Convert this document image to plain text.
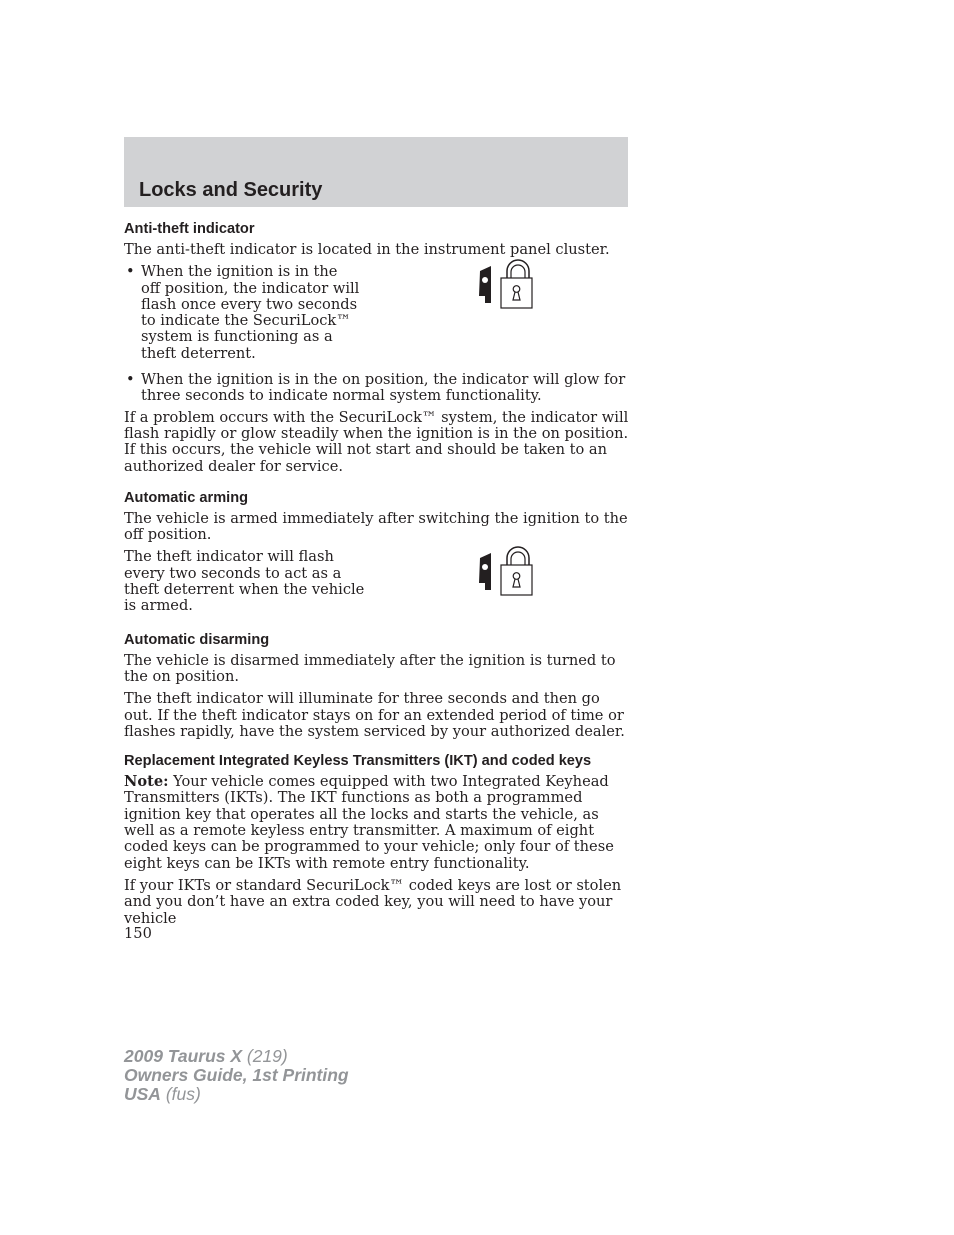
Locks and Security
Anti-theft indicator

The anti-theft indicator is located in the instrument panel cluster.

• When the ignition is in the off position, the indicator will flash once every two seconds to indicate the SecuriLock™ system is functioning as a theft deterrent.
• When the ignition is in the on position, the indicator will glow for three seconds to indicate normal system functionality.

If a problem occurs with the SecuriLock™ system, the indicator will flash rapidly or glow steadily when the ignition is in the on position. If this occurs, the vehicle will not start and should be taken to an authorized dealer for service.

Automatic arming

The vehicle is armed immediately after switching the ignition to the off position.

The theft indicator will flash every two seconds to act as a theft deterrent when the vehicle is armed.

Automatic disarming

The vehicle is disarmed immediately after the ignition is turned to the on position.

The theft indicator will illuminate for three seconds and then go out. If the theft indicator stays on for an extended period of time or flashes rapidly, have the system serviced by your authorized dealer.

Replacement Integrated Keyless Transmitters (IKT) and coded keys

Note: Your vehicle comes equipped with two Integrated Keyhead Transmitters (IKTs). The IKT functions as both a programmed ignition key that operates all the locks and starts the vehicle, as well as a remote keyless entry transmitter. A maximum of eight coded keys can be programmed to your vehicle; only four of these eight keys can be IKTs with remote entry functionality.

If your IKTs or standard SecuriLock™ coded keys are lost or stolen and you don’t have an extra coded key, you will need to have your vehicle

150
2009 Taurus X (219)
Owners Guide, 1st Printing
USA (fus)
